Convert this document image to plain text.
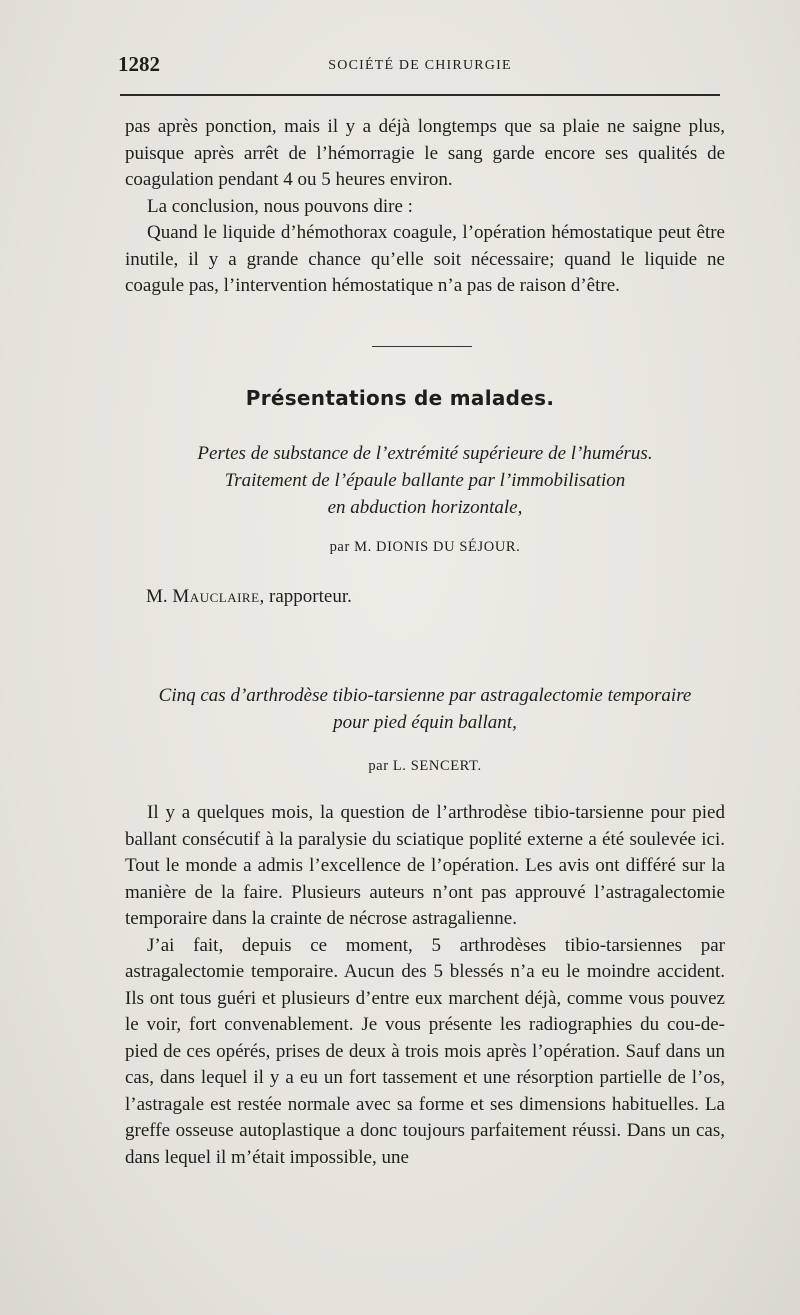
1282	SOCIÉTÉ DE CHIRURGIE

pas après ponction, mais il y a déjà longtemps que sa plaie ne saigne plus, puisque après arrêt de l’hémorragie le sang garde encore ses qualités de coagulation pendant 4 ou 5 heures environ.

La conclusion, nous pouvons dire :

Quand le liquide d’hémothorax coagule, l’opération hémostatique peut être inutile, il y a grande chance qu’elle soit nécessaire; quand le liquide ne coagule pas, l’intervention hémostatique n’a pas de raison d’être.

Présentations de malades.
Pertes de substance de l’extrémité supérieure de l’humérus.
Traitement de l’épaule ballante par l’immobilisation
en abduction horizontale,
par M. DIONIS DU SÉJOUR.
M. Mauclaire, rapporteur.
Cinq cas d’arthrodèse tibio-tarsienne par astragalectomie temporaire
pour pied équin ballant,
par L. SENCERT.

Il y a quelques mois, la question de l’arthrodèse tibio-tarsienne pour pied ballant consécutif à la paralysie du sciatique poplité externe a été soulevée ici. Tout le monde a admis l’excellence de l’opération. Les avis ont différé sur la manière de la faire. Plusieurs auteurs n’ont pas approuvé l’astragalectomie temporaire dans la crainte de nécrose astragalienne.

J’ai fait, depuis ce moment, 5 arthrodèses tibio-tarsiennes par astragalectomie temporaire. Aucun des 5 blessés n’a eu le moindre accident. Ils ont tous guéri et plusieurs d’entre eux marchent déjà, comme vous pouvez le voir, fort convenablement. Je vous présente les radiographies du cou-de-pied de ces opérés, prises de deux à trois mois après l’opération. Sauf dans un cas, dans lequel il y a eu un fort tassement et une résorption partielle de l’os, l’astragale est restée normale avec sa forme et ses dimensions habituelles. La greffe osseuse autoplastique a donc toujours parfaitement réussi. Dans un cas, dans lequel il m’était impossible, une
